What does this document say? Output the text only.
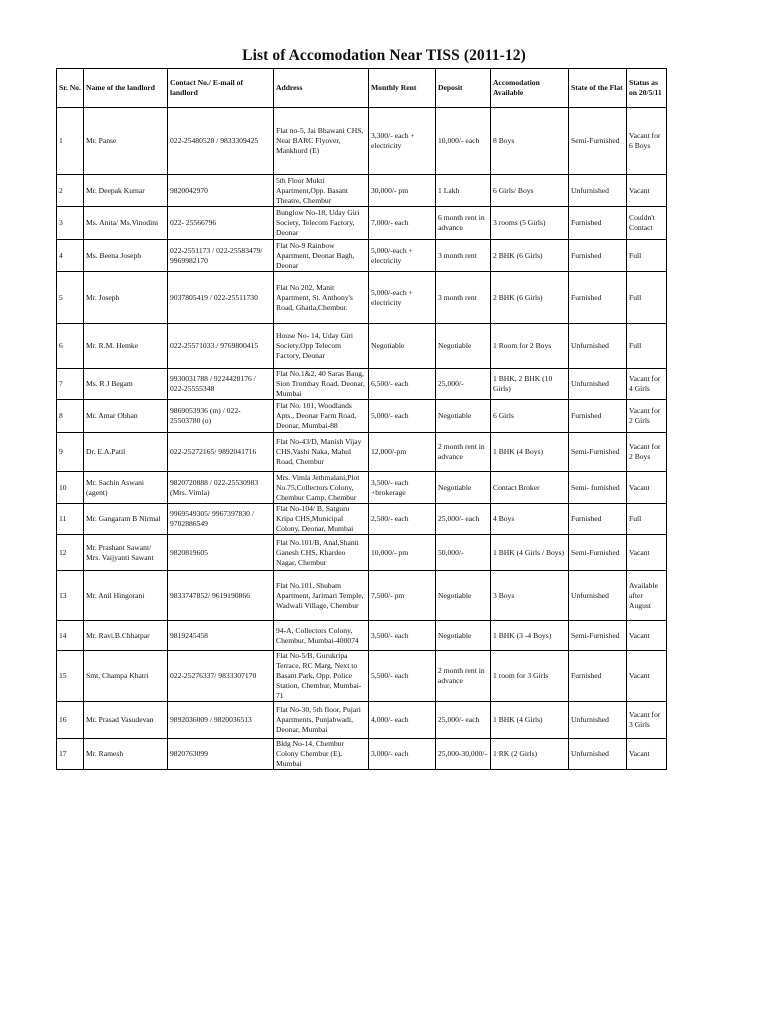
List of Accomodation Near TISS (2011-12)
Sr. No.	Name of the landlord	Contact No./ E-mail of landlord	Address	Monthly Rent	Deposit	Accomodation Available	State of the Flat	Status as on 20/5/11
1	Mr. Panse	022-25480528 / 9833309425	Flat no-5, Jai Bhawani CHS, Near BARC Flyover, Mankhurd (E)	3,300/- each + electricity	10,000/- each	8 Boys	Semi-Furnished	Vacant for 6 Boys
2	Mr. Deepak Kumar	9820042970	5th Floor Mukti Apartment,Opp. Basant Theatre, Chembur	30,000/- pm	1 Lakh	6 Girls/ Boys	Unfurnished	Vacant
3	Ms. Anita/ Ms.Vinodini	022- 25566796	Bunglow No-18, Uday Giri Society, Telecom Factory, Deonar	7,000/- each	6 month rent in advance	3 rooms (5 Girls)	Furnished	Couldn't Contact
4	Ms. Beena Joseph	022-2551173 / 022-25583479/ 9969982170	Flat No-9 Rainbow Apartment, Deonar Bagh, Deonar	5,000/-each + electricity	3 month rent	2 BHK (6 Girls)	Furnished	Full
5	Mr. Joseph	9037805419 / 022-25511730	Flat No 202, Manit Apartment, St. Anthony's Road, Ghatla,Chembur.	5,000/-each + electricity	3 month rent	2 BHK (6 Girls)	Furnished	Full
6	Mr. R.M. Hemke	022-25571033 / 9769800415	House No- 14, Uday Giri Society,Opp Telecom Factory, Deonar	Negotiable	Negotiable	1 Room for 2 Boys	Unfurnished	Full
7	Ms. R J Begam	9930031788 / 9224428176 / 022-25555348	Flat No.1&2, 40 Saras Baug, Sion Trombay Road, Deonar, Mumbai	6,500/- each	25,000/-	1 BHK, 2 BHK (10 Girls)	Unfurnished	Vacant for 4 Girls
8	Mr. Amar Obhan	9869053936 (m) / 022-25503780 (o)	Flat No. 101, Woodlands Apts., Deonar Farm Road, Deonar, Mumbai-88	5,000/- each	Negotiable	6 Girls	Furnished	Vacant for 2 Girls
9	Dr. E.A.Patil	022-25272165/ 9892041716	Flat No-43/D, Manish Vijay CHS,Vashi Naka, Mahul Road, Chembur	12,000/-pm	2 month rent in advance	1 BHK (4 Boys)	Semi-Furnished	Vacant for 2 Boys
10	Mr. Sachin Aswani (agent)	9820720888 / 022-25530983 (Mrs. Vimla)	Mrs. Vimla Jethmalani,Plot No.75,Collectors Colony, Chembur Camp, Chembur	3,500/- each +brokerage	Negotiable	Contact Broker	Semi- furnished	Vacant
11	Mr. Gangaram B Nirmal	9969549305/ 9967397830 / 9702886549	Flat No-104/ B, Satguru Kripa CHS,Municipal Colony, Deonar, Mumbai	2,500/- each	25,000/- each	4 Boys	Furnished	Full
12	Mr. Prashant Sawant/ Mrs. Vaijyanti Sawant	9820819605	Flat No.101/B, Anal,Shanti Ganesh CHS, Khardeo Nagar, Chembur	10,000/- pm	50,000/-	1 BHK (4 Girls / Boys)	Semi-Furnished	Vacant
13	Mr. Anil Hingorani	9833747852/ 9619190866	Flat No.101, Shubam Apartment, Jarimari Temple, Wadwali Village, Chembur	7,500/- pm	Negotiable	3 Boys	Unfurnished	Available after August
14	Mr. Ravi.B.Chhatpar	9819245458	94-A, Collectors Colony, Chembur, Mumbai-400074	3,500/- each	Negotiable	1 BHK (3 -4 Boys)	Semi-Furnished	Vacant
15	Smt. Champa Khatri	022-25276337/ 9833307170	Flat No-5/B, Gurukripa Terrace, RC Marg, Next to Basant Park, Opp. Police Station, Chembur, Mumbai-71	5,500/- each	2 month rent in advance	1 room for 3 Girls	Furnished	Vacant
16	Mr. Prasad Vasudevan	9892036009 / 9820036513	Flat No-30, 5th floor, Pujari Apartments, Punjabwadi, Deonar, Mumbai	4,000/- each	25,000/- each	1 BHK (4 Girls)	Unfurnished	Vacant for 3 Girls
17	Mr. Ramesh	9820763099	Bldg No-14, Chembur Colony Chembur (E), Mumbai	3,000/- each	25,000-30,000/-	1 RK (2 Girls)	Unfurnished	Vacant
